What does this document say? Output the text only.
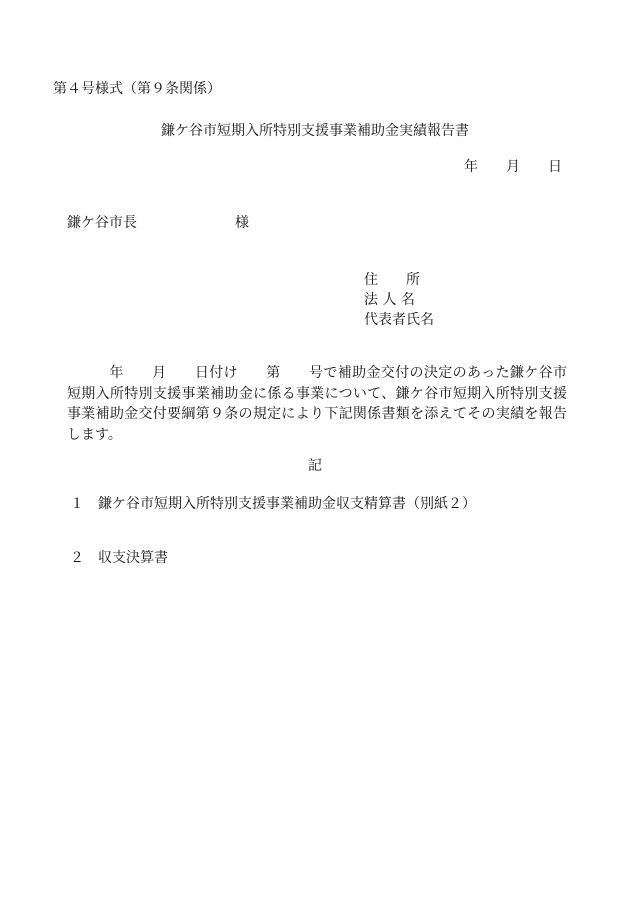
第４号様式（第９条関係）
鎌ケ谷市短期入所特別支援事業補助金実績報告書
年 月 日
鎌ケ谷市長	様
住　　所
法 人 名
代表者氏名
年 月 日付け 第 号で補助金交付の決定のあった鎌ケ谷市短期入所特別支援事業補助金に係る事業について、鎌ケ谷市短期入所特別支援事業補助金交付要綱第９条の規定により下記関係書類を添えてその実績を報告します。
記
１ 鎌ケ谷市短期入所特別支援事業補助金収支精算書（別紙２）
２ 収支決算書
